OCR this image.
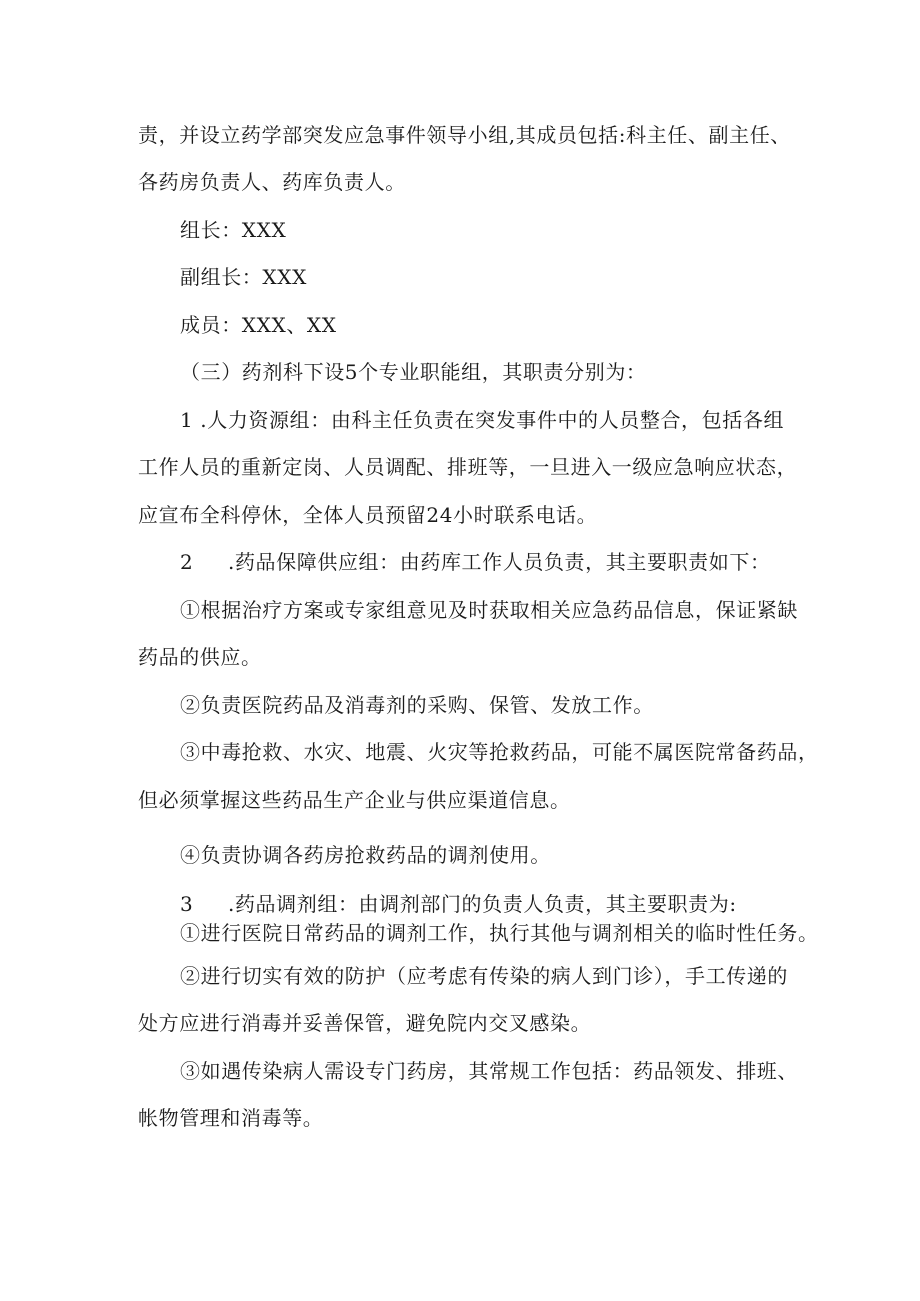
责，并设立药学部突发应急事件领导小组,其成员包括:科主任、副主任、
各药房负责人、药库负责人。
组长：XXX
副组长：XXX
成员：XXX、XX
（三）药剂科下设5个专业职能组，其职责分别为：
1 .人力资源组：由科主任负责在突发事件中的人员整合，包括各组
工作人员的重新定岗、人员调配、排班等，一旦进入一级应急响应状态，
应宣布全科停休，全体人员预留24小时联系电话。
2 .药品保障供应组：由药库工作人员负责，其主要职责如下：
①根据治疗方案或专家组意见及时获取相关应急药品信息，保证紧缺
药品的供应。
②负责医院药品及消毒剂的采购、保管、发放工作。
③中毒抢救、水灾、地震、火灾等抢救药品，可能不属医院常备药品，
但必须掌握这些药品生产企业与供应渠道信息。
④负责协调各药房抢救药品的调剂使用。
3 .药品调剂组：由调剂部门的负责人负责，其主要职责为:
①进行医院日常药品的调剂工作，执行其他与调剂相关的临时性任务。
②进行切实有效的防护（应考虑有传染的病人到门诊），手工传递的
处方应进行消毒并妥善保管，避免院内交叉感染。
③如遇传染病人需设专门药房，其常规工作包括：药品领发、排班、
帐物管理和消毒等。
